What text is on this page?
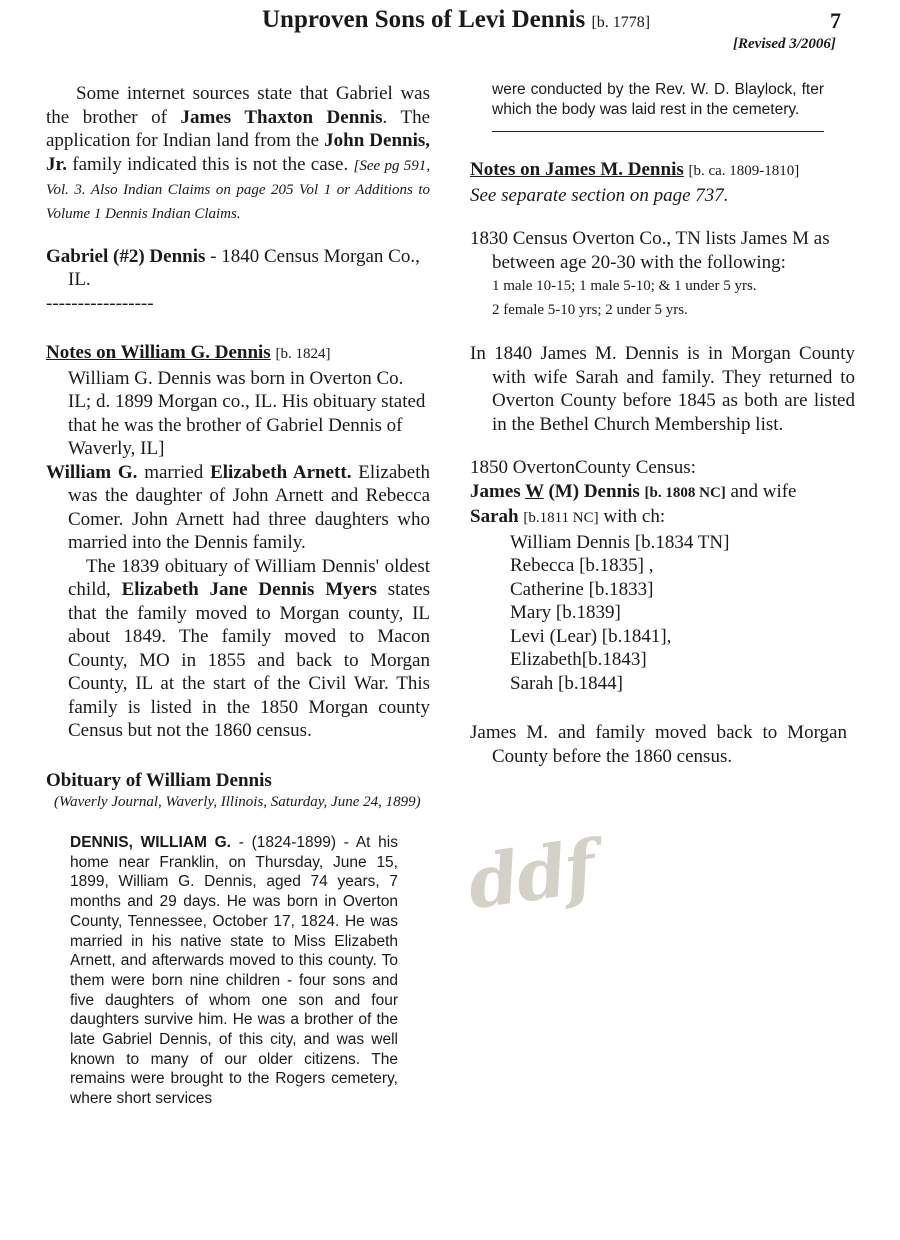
Unproven Sons of Levi Dennis [b. 1778]	7
[Revised 3/2006]

Some internet sources state that Gabriel was the brother of James Thaxton Dennis. The application for Indian land from the John Dennis, Jr. family indicated this is not the case. [See pg 591, Vol. 3. Also Indian Claims on page 205 Vol 1 or Additions to Volume 1 Dennis Indian Claims.

Gabriel (#2) Dennis - 1840 Census Morgan Co., IL.

-----------------

Notes on William G. Dennis [b. 1824]

William G. Dennis was born in Overton Co. IL; d. 1899 Morgan co., IL. His obituary stated that he was the brother of Gabriel Dennis of Waverly, IL]

William G. married Elizabeth Arnett. Elizabeth was the daughter of John Arnett and Rebecca Comer. John Arnett had three daughters who married into the Dennis family.

The 1839 obituary of William Dennis' oldest child, Elizabeth Jane Dennis Myers states that the family moved to Morgan county, IL about 1849. The family moved to Macon County, MO in 1855 and back to Morgan County, IL at the start of the Civil War. This family is listed in the 1850 Morgan county Census but not the 1860 census.

Obituary of William Dennis

(Waverly Journal, Waverly, Illinois, Saturday, June 24, 1899)

DENNIS, WILLIAM G. - (1824-1899) - At his home near Franklin, on Thursday, June 15, 1899, William G. Dennis, aged 74 years, 7 months and 29 days. He was born in Overton County, Tennessee, October 17, 1824. He was married in his native state to Miss Elizabeth Arnett, and afterwards moved to this county. To them were born nine children - four sons and five daughters of whom one son and four daughters survive him. He was a brother of the late Gabriel Dennis, of this city, and was well known to many of our older citizens. The remains were brought to the Rogers cemetery, where short services
were conducted by the Rev. W. D. Blaylock, fter which the body was laid rest in the cemetery.

Notes on James M. Dennis [b. ca. 1809-1810]

See separate section on page 737.

1830 Census Overton Co., TN lists James M as between age 20-30 with the following:

1 male 10-15; 1 male 5-10; & 1 under 5 yrs.

2 female 5-10 yrs; 2 under 5 yrs.

In 1840 James M. Dennis is in Morgan County with wife Sarah and family. They returned to Overton County before 1845 as both are listed in the Bethel Church Membership list.

1850 OvertonCounty Census:

James W (M) Dennis [b. 1808 NC] and wife

Sarah [b.1811 NC] with ch:

William Dennis [b.1834 TN]

Rebecca [b.1835] ,

Catherine [b.1833]

Mary [b.1839]

Levi (Lear) [b.1841],

Elizabeth[b.1843]

Sarah [b.1844]

James M. and family moved back to Morgan County before the 1860 census.

ddf
